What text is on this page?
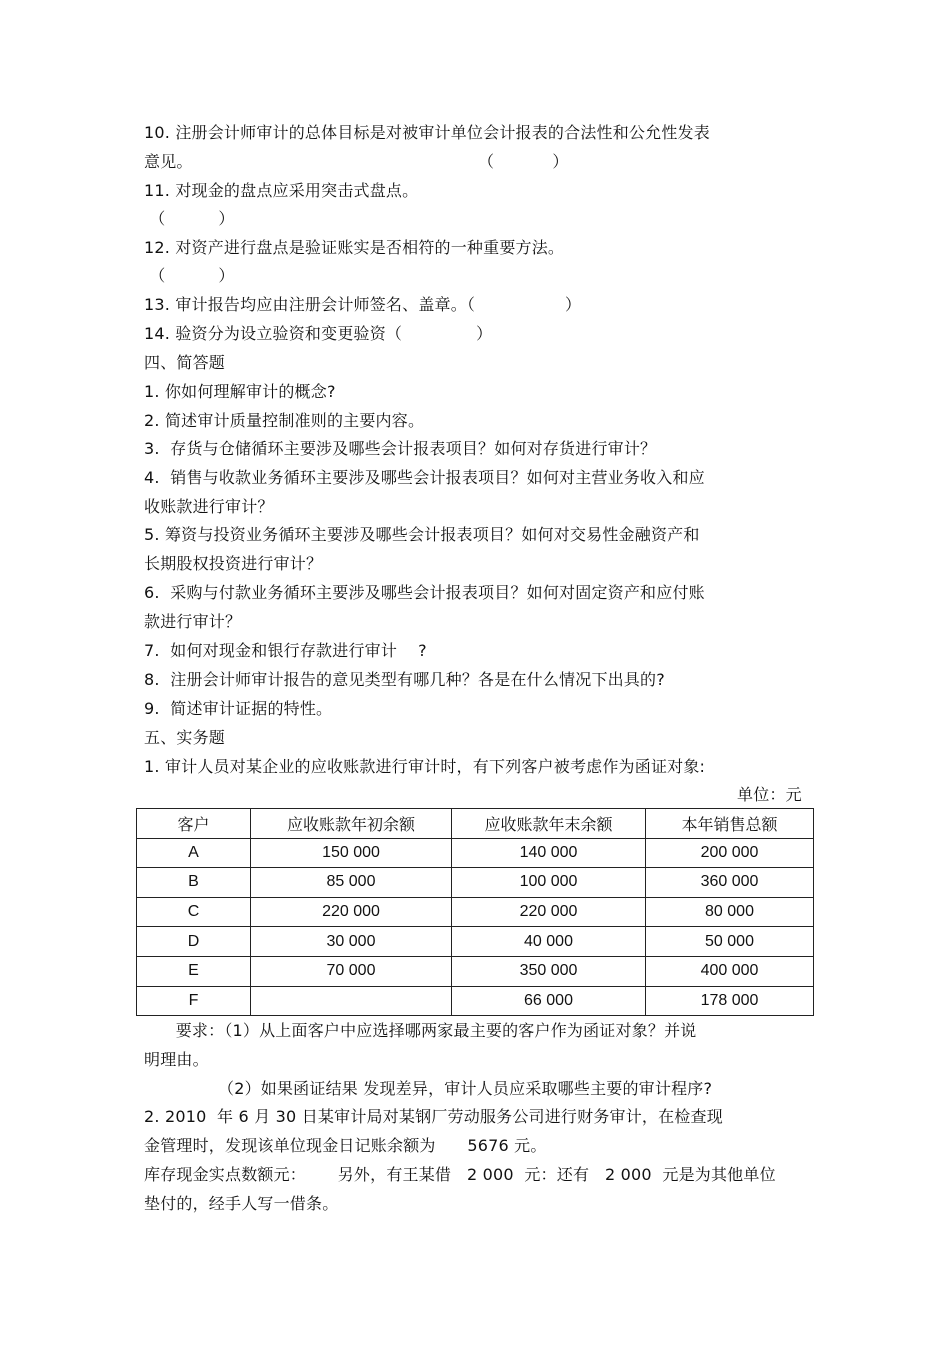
10. 注册会计师审计的总体目标是对被审计单位会计报表的合法性和公允性发表
意见。                                                      （           ）
11. 对现金的盘点应采用突击式盘点。
（          ）
12. 对资产进行盘点是验证账实是否相符的一种重要方法。
（          ）
13. 审计报告均应由注册会计师签名、盖章。（                 ）
14. 验资分为设立验资和变更验资（              ）
四、简答题
1. 你如何理解审计的概念?
2. 简述审计质量控制准则的主要内容。
3.  存货与仓储循环主要涉及哪些会计报表项目？如何对存货进行审计？
4.  销售与收款业务循环主要涉及哪些会计报表项目？如何对主营业务收入和应
收账款进行审计？
5. 筹资与投资业务循环主要涉及哪些会计报表项目？如何对交易性金融资产和
长期股权投资进行审计？
6.  采购与付款业务循环主要涉及哪些会计报表项目？如何对固定资产和应付账
款进行审计？
7.  如何对现金和银行存款进行审计    ?
8.  注册会计师审计报告的意见类型有哪几种？各是在什么情况下出具的?
9.  简述审计证据的特性。
五、实务题
1. 审计人员对某企业的应收账款进行审计时，有下列客户被考虑作为函证对象:
单位：元
客户	应收账款年初余额	应收账款年末余额	本年销售总额
A	150 000	140 000	200 000
B	85 000	100 000	360 000
C	220 000	220 000	80 000
D	30 000	40 000	50 000
E	70 000	350 000	400 000
F		66 000	178 000
要求：（1）从上面客户中应选择哪两家最主要的客户作为函证对象？并说
明理由。
（2）如果函证结果 发现差异，审计人员应采取哪些主要的审计程序?
2. 2010  年 6 月 30 日某审计局对某钢厂劳动服务公司进行财务审计，在检查现
金管理时，发现该单位现金日记账余额为      5676 元。
库存现金实点数额元：      另外，有王某借   2 000  元：还有   2 000  元是为其他单位
垫付的，经手人写一借条。
